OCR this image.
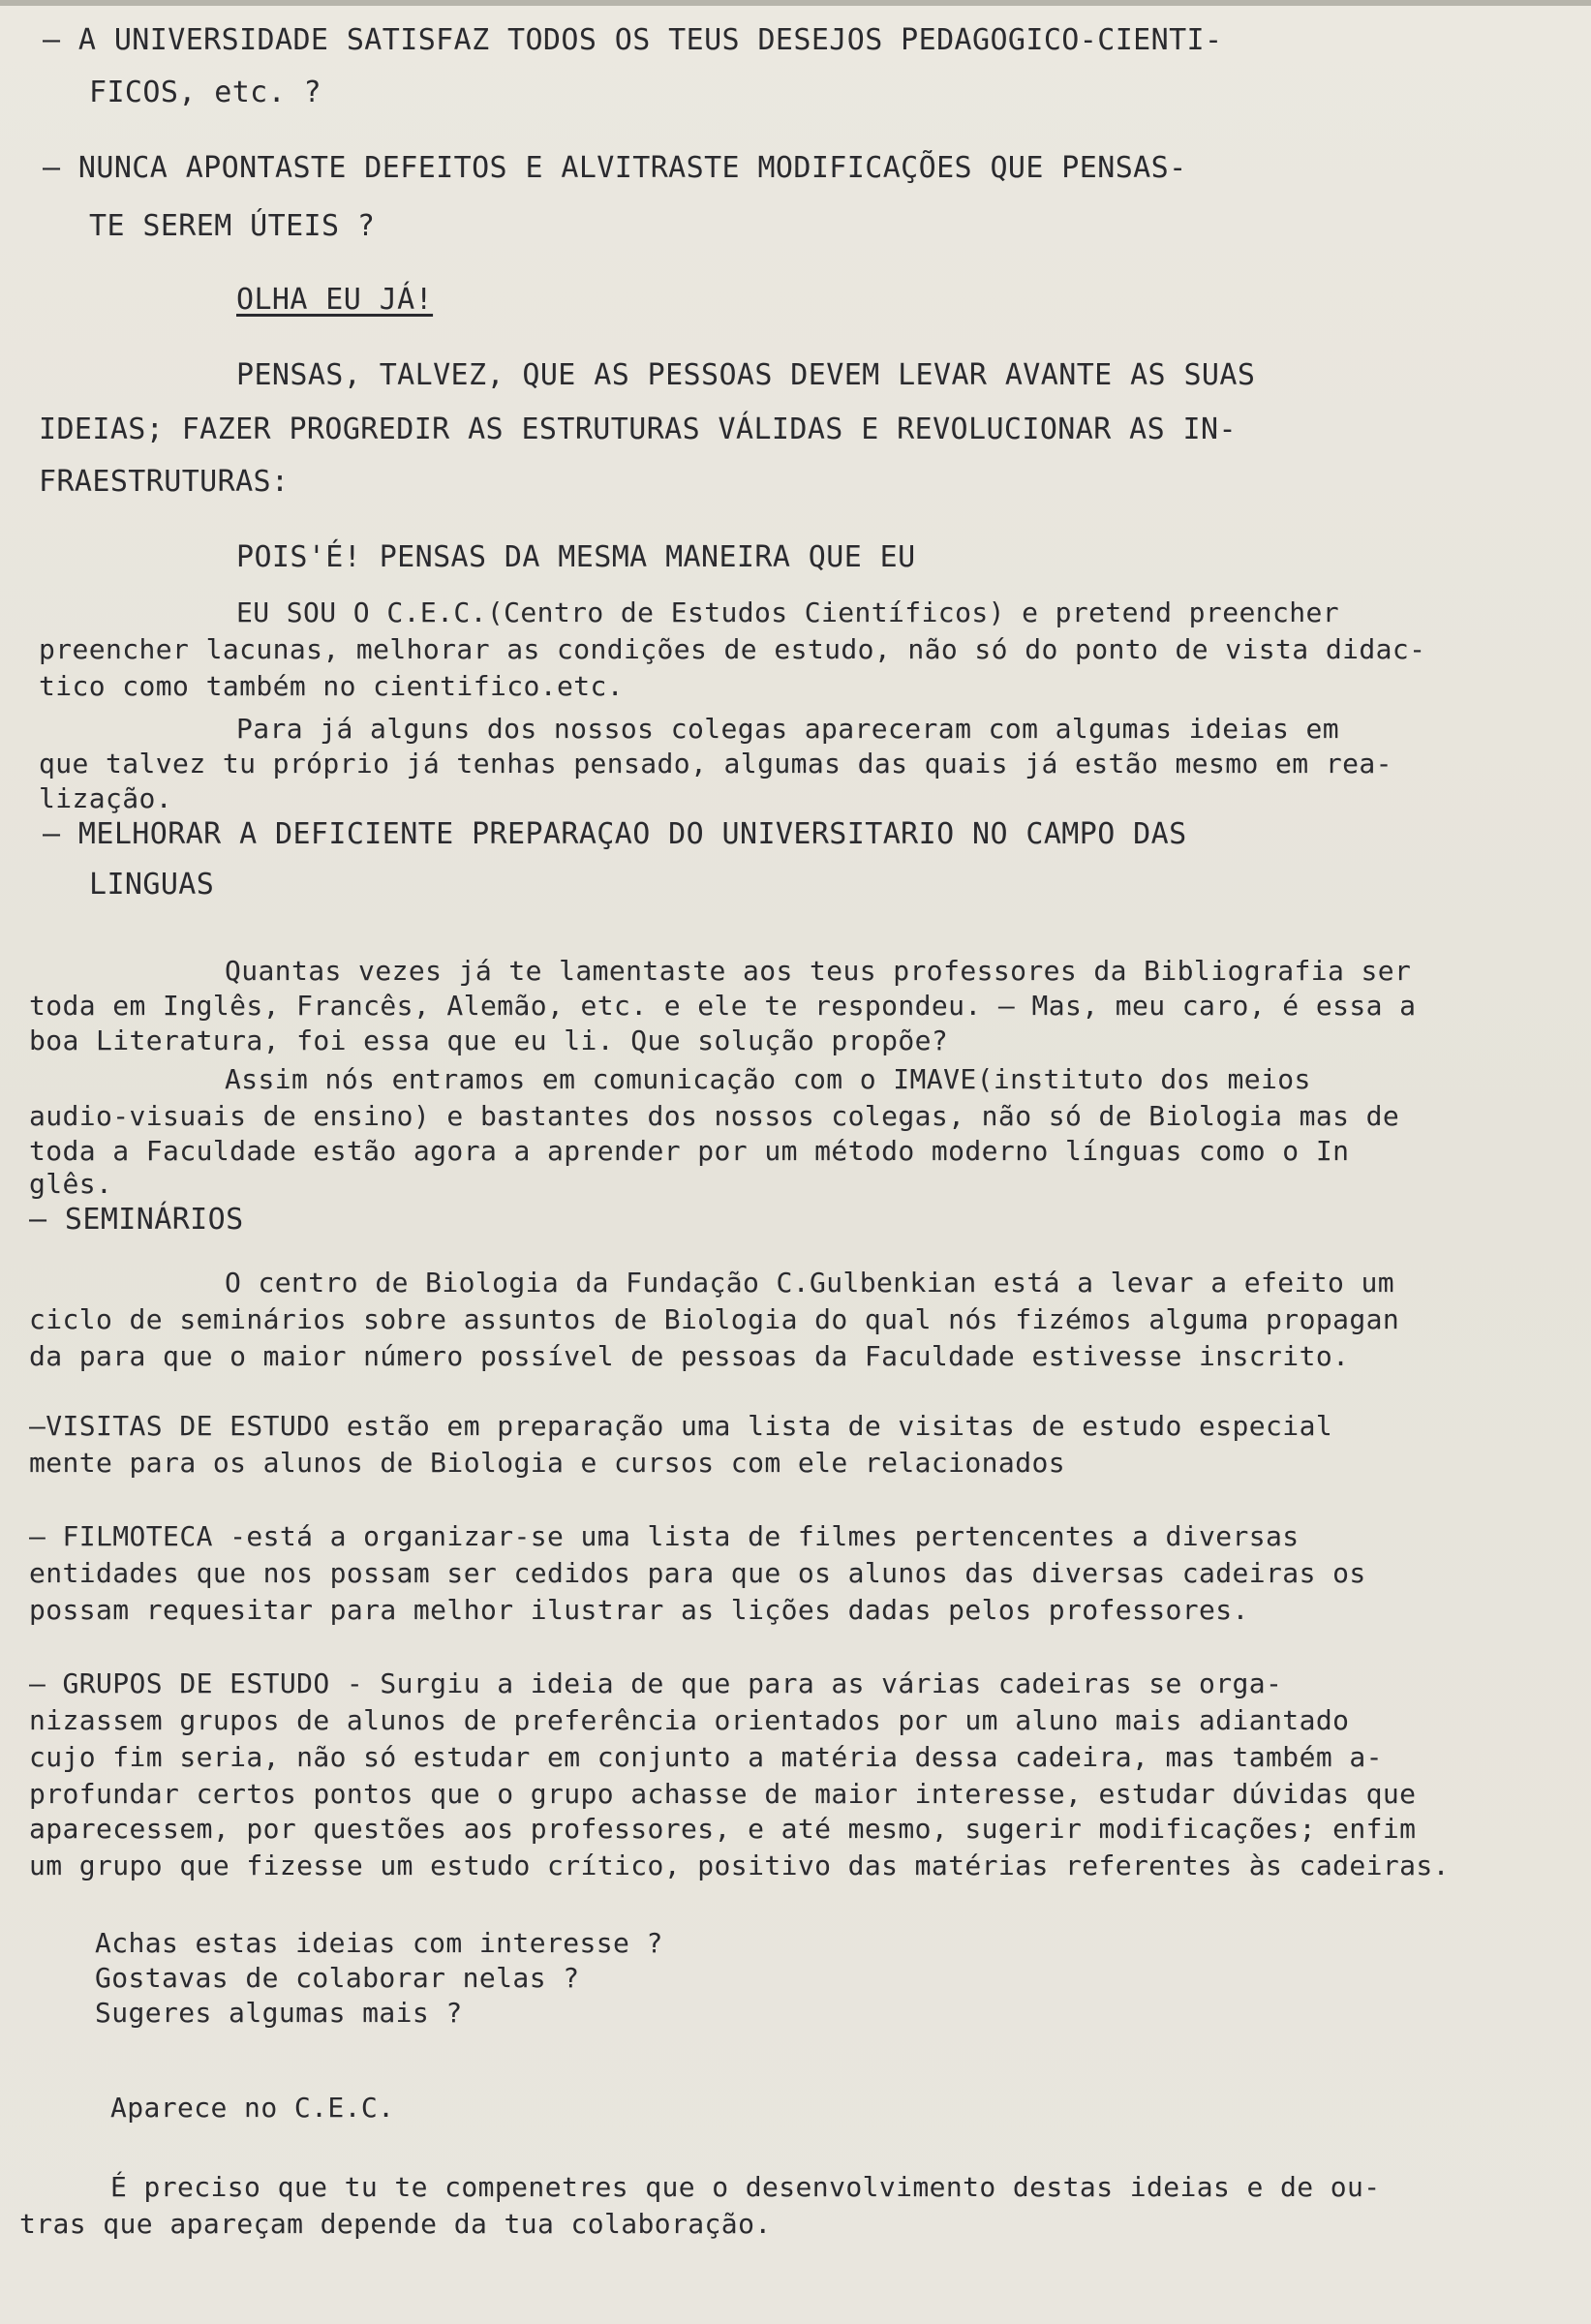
– A UNIVERSIDADE SATISFAZ TODOS OS TEUS DESEJOS PEDAGOGICO-CIENTI-
FICOS, etc. ?
– NUNCA APONTASTE DEFEITOS E ALVITRASTE MODIFICAÇÕES QUE PENSAS-
TE SEREM ÚTEIS ?
OLHA EU JÁ!
PENSAS, TALVEZ, QUE AS PESSOAS DEVEM LEVAR AVANTE AS SUAS
IDEIAS; FAZER PROGREDIR AS ESTRUTURAS VÁLIDAS E REVOLUCIONAR AS IN-
FRAESTRUTURAS:
POIS'É! PENSAS DA MESMA MANEIRA QUE EU
EU SOU O C.E.C.(Centro de Estudos Científicos) e pretend preencher
preencher lacunas, melhorar as condições de estudo, não só do ponto de vista didac-
tico como também no cientifico.etc.
Para já alguns dos nossos colegas apareceram com algumas ideias em
que talvez tu próprio já tenhas pensado, algumas das quais já estão mesmo em rea-
lização.
– MELHORAR A DEFICIENTE PREPARAÇAO DO UNIVERSITARIO NO CAMPO DAS
LINGUAS
Quantas vezes já te lamentaste aos teus professores da Bibliografia ser
toda em Inglês, Francês, Alemão, etc. e ele te respondeu. – Mas, meu caro, é essa a
boa Literatura, foi essa que eu li. Que solução propõe?
Assim nós entramos em comunicação com o IMAVE(instituto dos meios
audio-visuais de ensino) e bastantes dos nossos colegas, não só de Biologia mas de
toda a Faculdade estão agora a aprender por um método moderno línguas como o In
glês.
– SEMINÁRIOS
O centro de Biologia da Fundação C.Gulbenkian está a levar a efeito um
ciclo de seminários sobre assuntos de Biologia do qual nós fizémos alguma propagan
da para que o maior número possível de pessoas da Faculdade estivesse inscrito.
–VISITAS DE ESTUDO estão em preparação uma lista de visitas de estudo especial
mente para os alunos de Biologia e cursos com ele relacionados
– FILMOTECA -está a organizar-se uma lista de filmes pertencentes a diversas
entidades que nos possam ser cedidos para que os alunos das diversas cadeiras os
possam requesitar para melhor ilustrar as lições dadas pelos professores.
– GRUPOS DE ESTUDO - Surgiu a ideia de que para as várias cadeiras se orga-
nizassem grupos de alunos de preferência orientados por um aluno mais adiantado
cujo fim seria, não só estudar em conjunto a matéria dessa cadeira, mas também a-
profundar certos pontos que o grupo achasse de maior interesse, estudar dúvidas que
aparecessem, por questões aos professores, e até mesmo, sugerir modificações; enfim
um grupo que fizesse um estudo crítico, positivo das matérias referentes às cadeiras.
Achas estas ideias com interesse ?
Gostavas de colaborar nelas ?
Sugeres algumas mais ?
Aparece no C.E.C.
É preciso que tu te compenetres que o desenvolvimento destas ideias e de ou-
tras que apareçam depende da tua colaboração.
